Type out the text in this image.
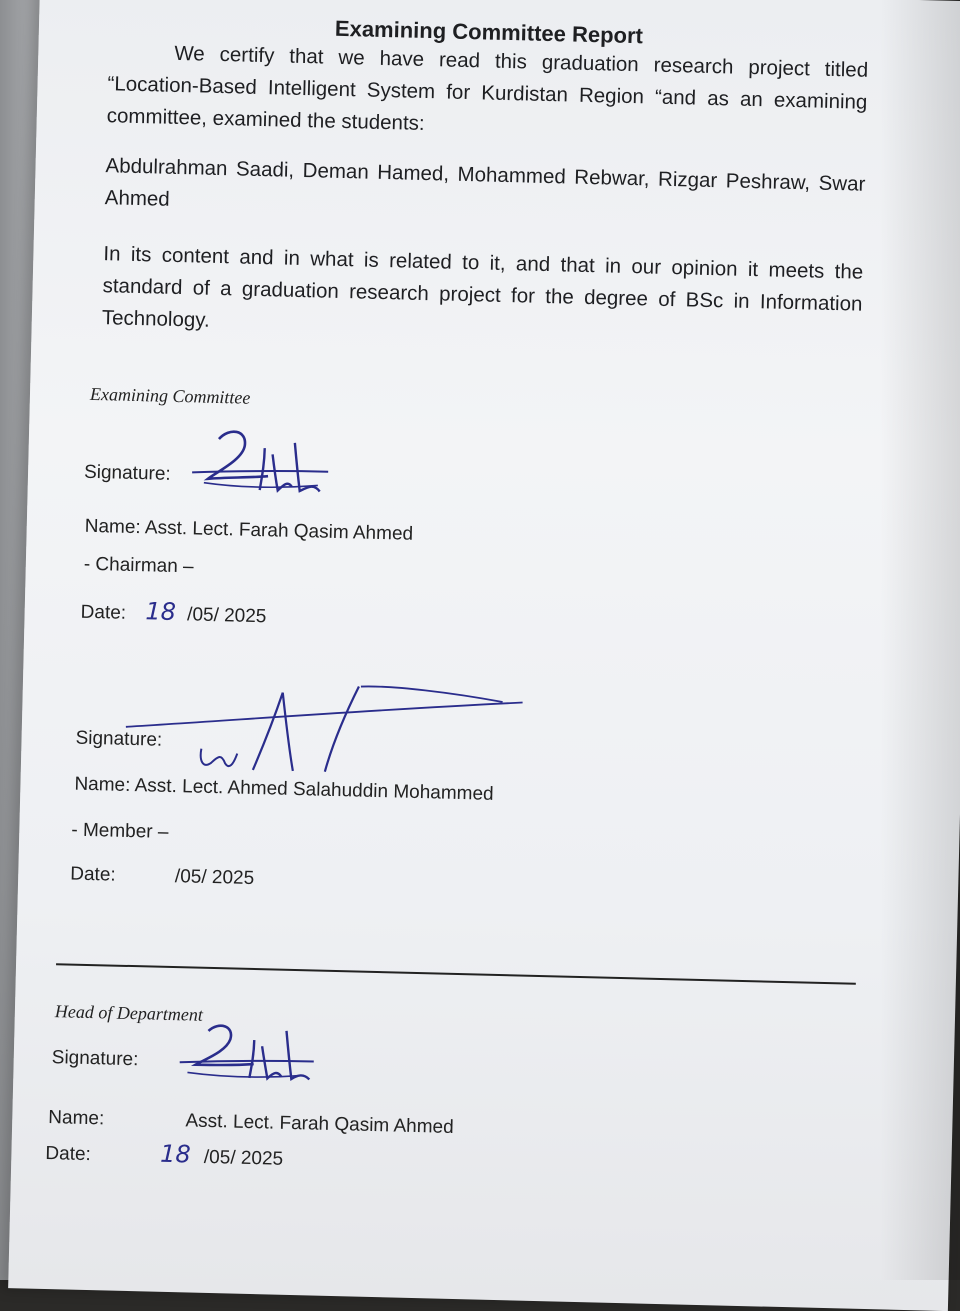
Examining Committee Report
We certify that we have read this graduation research project titled “Location-Based Intelligent System for Kurdistan Region “and as an examining committee, examined the students:
Abdulrahman Saadi, Deman Hamed, Mohammed Rebwar, Rizgar Peshraw, Swar Ahmed
In its content and in what is related to it, and that in our opinion it meets the standard of a graduation research project for the degree of BSc in Information Technology.
Examining Committee
Signature:
Name: Asst. Lect. Farah Qasim Ahmed
- Chairman –
Date: 18 /05/ 2025
Signature:
Name: Asst. Lect. Ahmed Salahuddin Mohammed
- Member –
Date:	/05/ 2025
Head of Department
Signature:
Name:	Asst. Lect. Farah Qasim Ahmed
Date:	18 /05/ 2025
